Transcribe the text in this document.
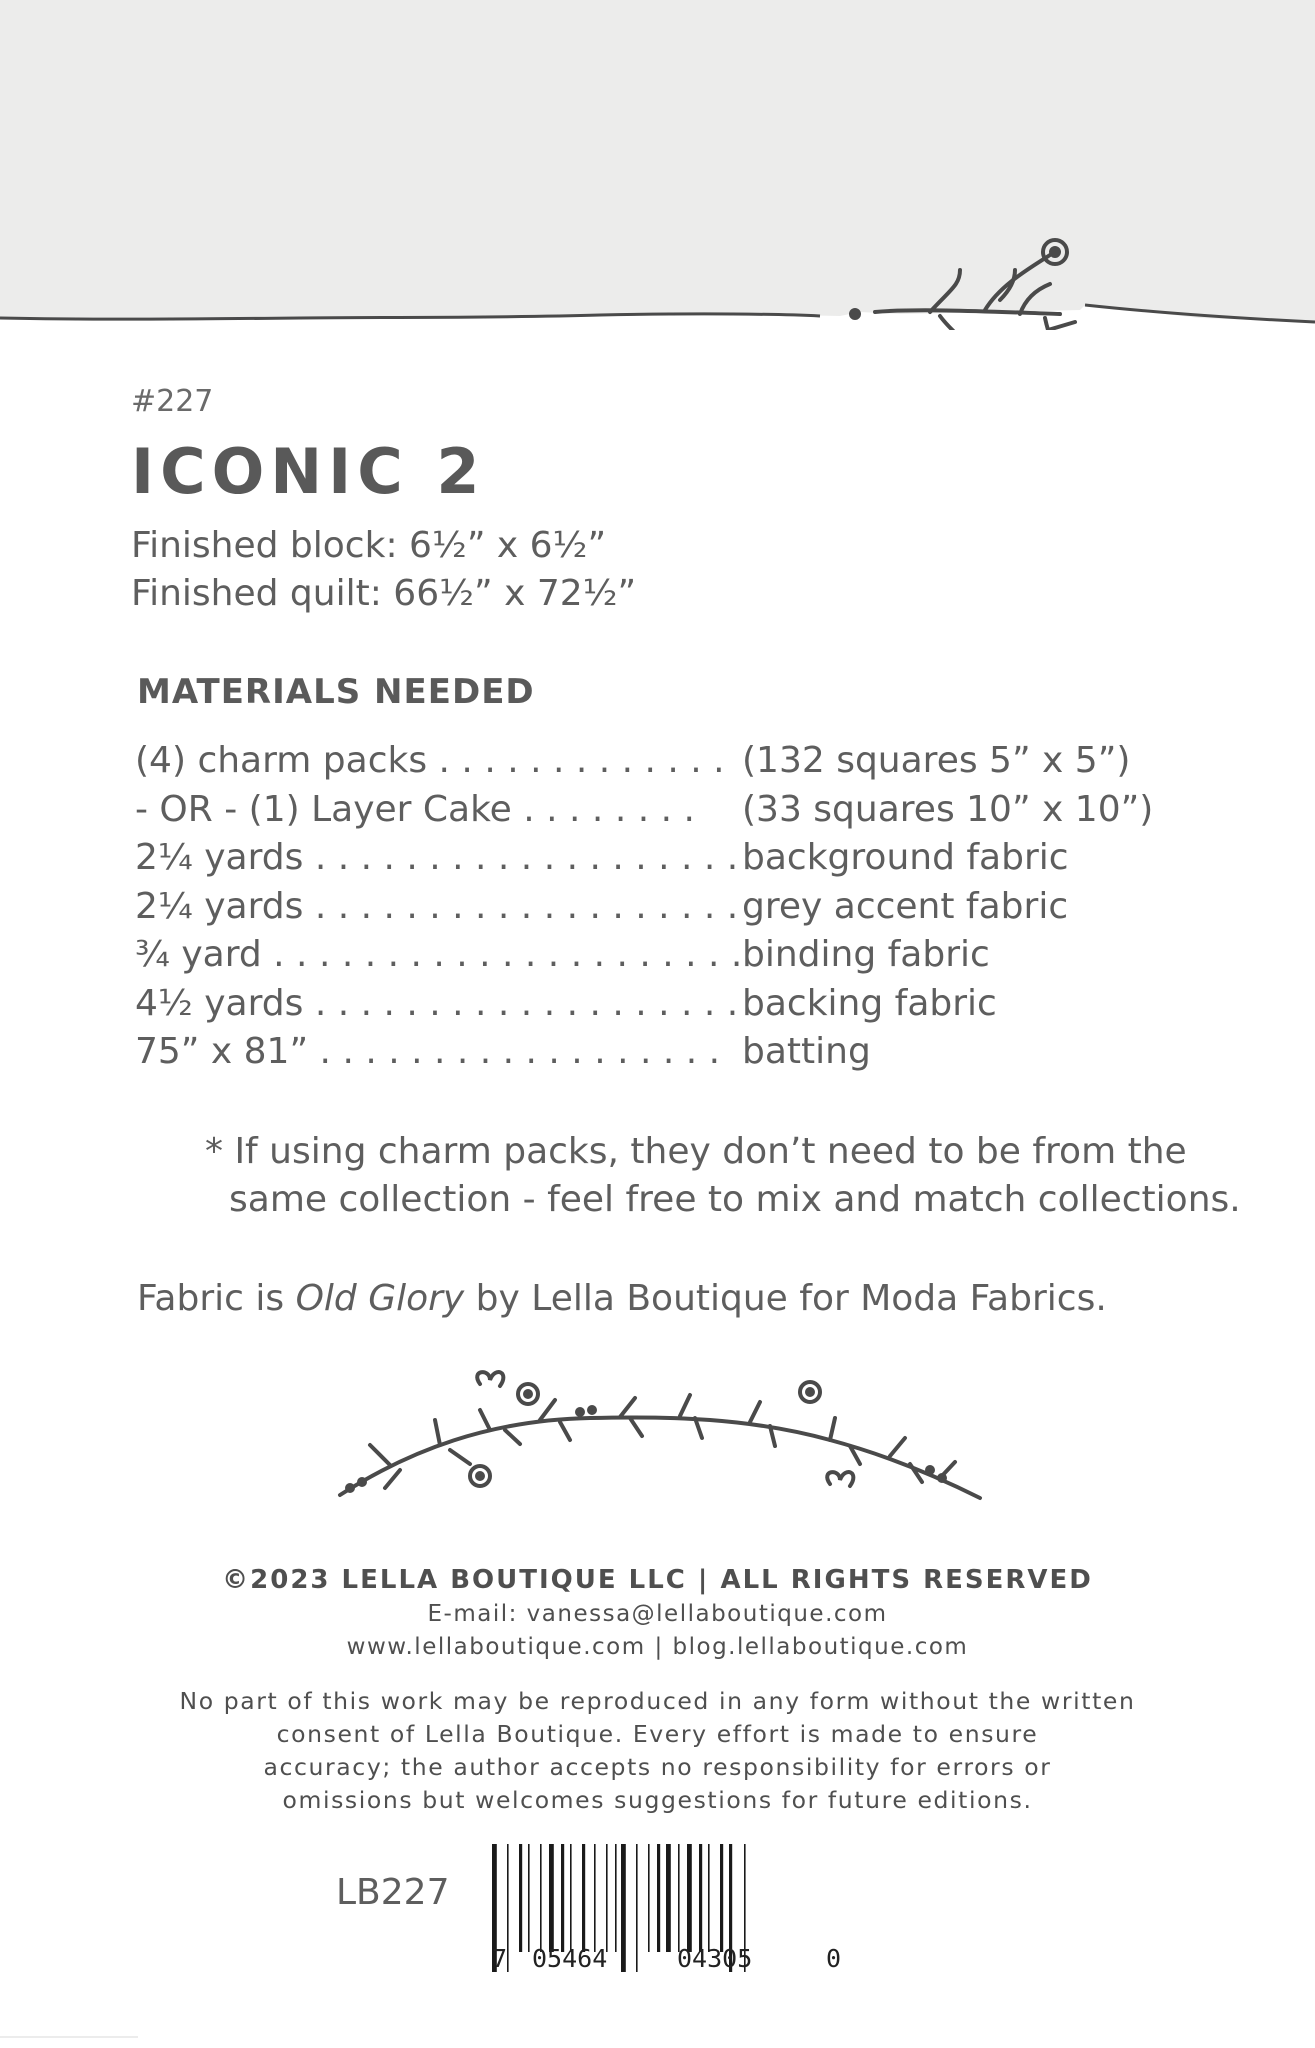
#227
ICONIC 2
Finished block: 6½” x 6½”
Finished quilt: 66½” x 72½”
MATERIALS NEEDED
(4) charm packs . . . . . . . . . . . . . (132 squares 5” x 5”)
- OR - (1) Layer Cake . . . . . . . . (33 squares 10” x 10”)
2¼ yards . . . . . . . . . . . . . . . . . . . background fabric
2¼ yards . . . . . . . . . . . . . . . . . . . grey accent fabric
¾ yard . . . . . . . . . . . . . . . . . . . . . binding fabric
4½ yards . . . . . . . . . . . . . . . . . . . backing fabric
75” x 81” . . . . . . . . . . . . . . . . . . batting
* If using charm packs, they don’t need to be from the
same collection - feel free to mix and match collections.
Fabric is Old Glory by Lella Boutique for Moda Fabrics.
©2023 LELLA BOUTIQUE LLC | ALL RIGHTS RESERVED
E-mail: vanessa@lellaboutique.com
www.lellaboutique.com | blog.lellaboutique.com
No part of this work may be reproduced in any form without the written
consent of Lella Boutique. Every effort is made to ensure
accuracy; the author accepts no responsibility for errors or
omissions but welcomes suggestions for future editions.
LB227
7 05464	04305	0
